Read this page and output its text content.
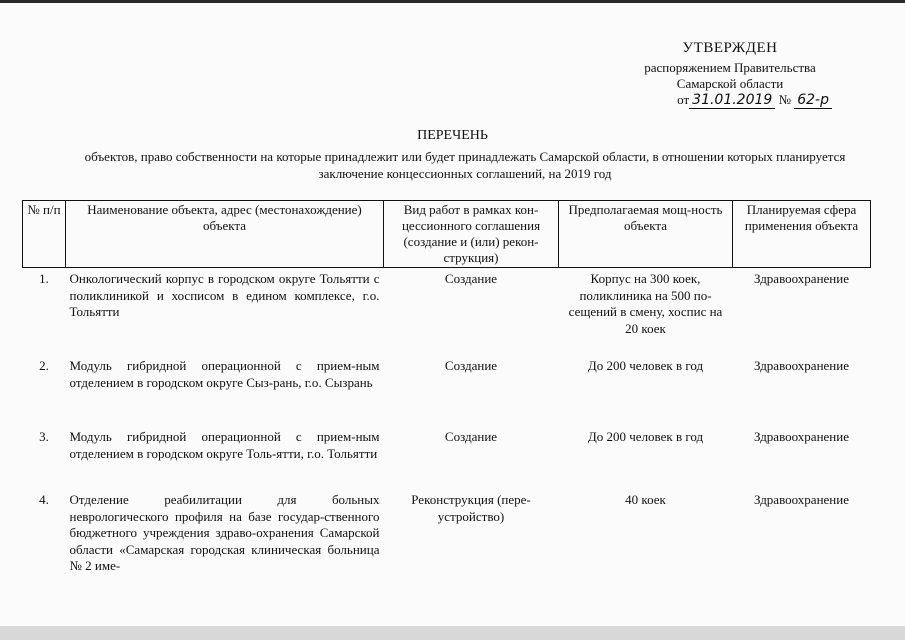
УТВЕРЖДЕН
распоряжением Правительства
Самарской области
от 31.01.2019 № 62-р
ПЕРЕЧЕНЬ
объектов, право собственности на которые принадлежит или будет принадлежать Самарской области, в отношении которых планируется заключение концессионных соглашений, на 2019 год
№ п/п	Наименование объекта, адрес (местонахождение) объекта	Вид работ в рамках кон-цессионного соглашения (создание и (или) рекон-струкция)	Предполагаемая мощ-ность объекта	Планируемая сфера применения объекта
1.	Онкологический корпус в городском округе Тольятти с поликлиникой и хосписом в едином комплексе, г.о. Тольятти	Создание	Корпус на 300 коек, поликлиника на 500 по-сещений в смену, хоспис на 20 коек	Здравоохранение
2.	Модуль гибридной операционной с прием-ным отделением в городском округе Сыз-рань, г.о. Сызрань	Создание	До 200 человек в год	Здравоохранение
3.	Модуль гибридной операционной с прием-ным отделением в городском округе Толь-ятти, г.о. Тольятти	Создание	До 200 человек в год	Здравоохранение
4.	Отделение реабилитации для больных неврологического профиля на базе государ-ственного бюджетного учреждения здраво-охранения Самарской области «Самарская городская клиническая больница № 2 име-	Реконструкция (пере-устройство)	40 коек	Здравоохранение
